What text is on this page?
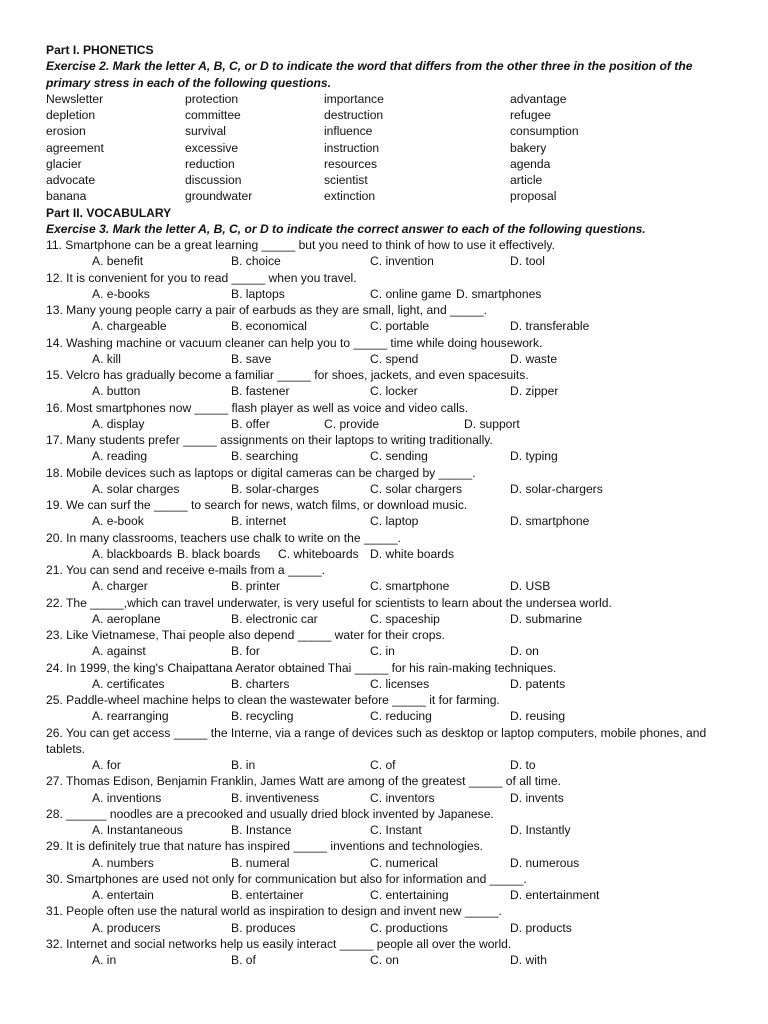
Part I. PHONETICS
Exercise 2. Mark the letter A, B, C, or D to indicate the word that differs from the other three in the position of the primary stress in each of the following questions.
Newsletter	protection	importance	advantage
depletion	committee	destruction	refugee
erosion	survival	influence	consumption
agreement	excessive	instruction	bakery
glacier	reduction	resources	agenda
advocate	discussion	scientist	article
banana	groundwater	extinction	proposal
Part II. VOCABULARY
Exercise 3. Mark the letter A, B, C, or D to indicate the correct answer to each of the following questions.
11. Smartphone can be a great learning _____ but you need to think of how to use it effectively.
A. benefit	B. choice	C. invention	D. tool
12. It is convenient for you to read _____ when you travel.
A. e-books	B. laptops	C. online game D. smartphones
13. Many young people carry a pair of earbuds as they are small, light, and _____.
A. chargeable	B. economical	C. portable	D. transferable
14. Washing machine or vacuum cleaner can help you to _____ time while doing housework.
A. kill	B. save	C. spend	D. waste
15. Velcro has gradually become a familiar _____ for shoes, jackets, and even spacesuits.
A. button	B. fastener	C. locker	D. zipper
16. Most smartphones now _____ flash player as well as voice and video calls.
A. display	B. offer	C. provide	D. support
17. Many students prefer _____ assignments on their laptops to writing traditionally.
A. reading	B. searching	C. sending	D. typing
18. Mobile devices such as laptops or digital cameras can be charged by _____.
A. solar charges	B. solar-charges	C. solar chargers	D. solar-chargers
19. We can surf the _____ to search for news, watch films, or download music.
A. e-book	B. internet	C. laptop	D. smartphone
20. In many classrooms, teachers use chalk to write on the _____.
A. blackboards B. black boards C. whiteboards D. white boards
21. You can send and receive e-mails from a _____.
A. charger	B. printer	C. smartphone	D. USB
22. The _____,which can travel underwater, is very useful for scientists to learn about the undersea world.
A. aeroplane	B. electronic car	C. spaceship	D. submarine
23. Like Vietnamese, Thai people also depend _____ water for their crops.
A. against	B. for	C. in	D. on
24. In 1999, the king's Chaipattana Aerator obtained Thai _____ for his rain-making techniques.
A. certificates	B. charters	C. licenses	D. patents
25. Paddle-wheel machine helps to clean the wastewater before _____ it for farming.
A. rearranging	B. recycling	C. reducing	D. reusing
26. You can get access _____ the Interne, via a range of devices such as desktop or laptop computers, mobile phones, and tablets.
A. for	B. in	C. of	D. to
27. Thomas Edison, Benjamin Franklin, James Watt are among of the greatest _____ of all time.
A. inventions	B. inventiveness	C. inventors	D. invents
28. ______ noodles are a precooked and usually dried block invented by Japanese.
A. Instantaneous	B. Instance	C. Instant	D. Instantly
29. It is definitely true that nature has inspired _____ inventions and technologies.
A. numbers	B. numeral	C. numerical	D. numerous
30. Smartphones are used not only for communication but also for information and _____.
A. entertain	B. entertainer	C. entertaining	D. entertainment
31. People often use the natural world as inspiration to design and invent new _____.
A. producers	B. produces	C. productions	D. products
32. Internet and social networks help us easily interact _____ people all over the world.
A. in	B. of	C. on	D. with
